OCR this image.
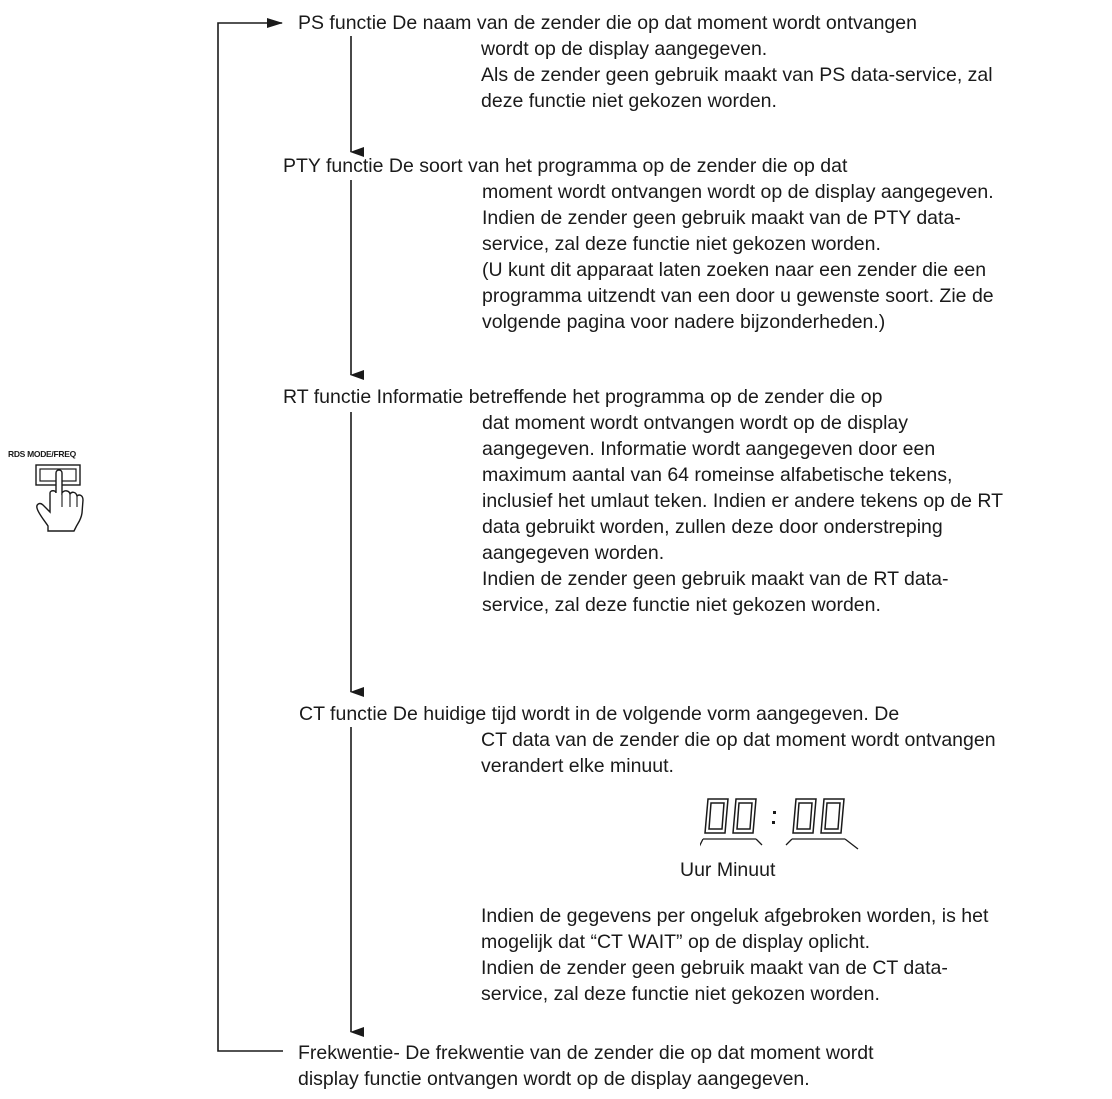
RDS MODE/FREQ
PS functie De naam van de zender die op dat moment wordt ontvangen

wordt op de display aangegeven.

Als de zender geen gebruik maakt van PS data-service, zal

deze functie niet gekozen worden.

PTY functie De soort van het programma op de zender die op dat

moment wordt ontvangen wordt op de display aangegeven.

Indien de zender geen gebruik maakt van de PTY data-

service, zal deze functie niet gekozen worden.

(U kunt dit apparaat laten zoeken naar een zender die een

programma uitzendt van een door u gewenste soort. Zie de

volgende pagina voor nadere bijzonderheden.)

RT functie Informatie betreffende het programma op de zender die op

dat moment wordt ontvangen wordt op de display

aangegeven. Informatie wordt aangegeven door een

maximum aantal van 64 romeinse alfabetische tekens,

inclusief het umlaut teken. Indien er andere tekens op de RT

data gebruikt worden, zullen deze door onderstreping

aangegeven worden.

Indien de zender geen gebruik maakt van de RT data-

service, zal deze functie niet gekozen worden.

CT functie De huidige tijd wordt in de volgende vorm aangegeven. De

CT data van de zender die op dat moment wordt ontvangen

verandert elke minuut.

Uur Minuut

Indien de gegevens per ongeluk afgebroken worden, is het

mogelijk dat “CT WAIT” op de display oplicht.

Indien de zender geen gebruik maakt van de CT data-

service, zal deze functie niet gekozen worden.

Frekwentie- De frekwentie van de zender die op dat moment wordt
display functie ontvangen wordt op de display aangegeven.
